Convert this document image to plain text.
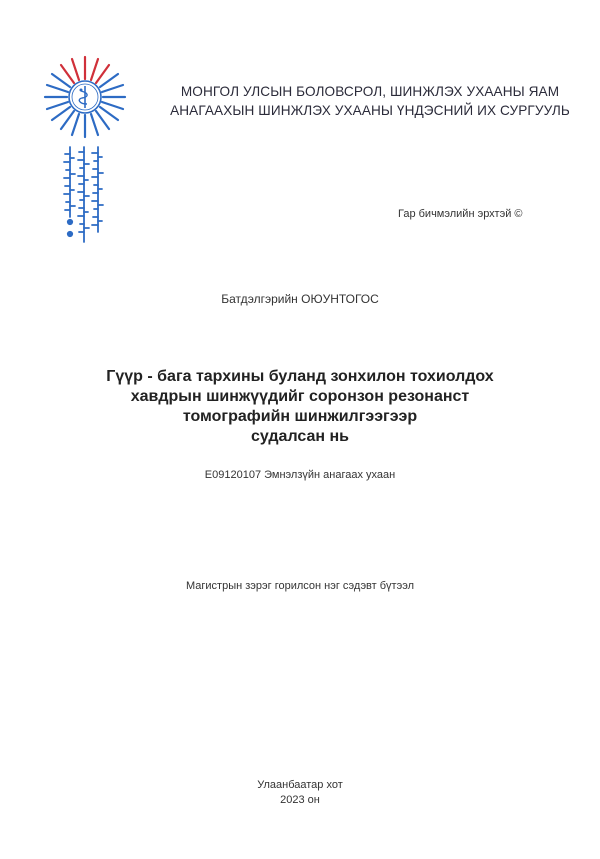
МОНГОЛ УЛСЫН БОЛОВСРОЛ, ШИНЖЛЭХ УХААНЫ ЯАМ
АНАГААХЫН ШИНЖЛЭХ УХААНЫ ҮНДЭСНИЙ ИХ СУРГУУЛЬ
Гар бичмэлийн эрхтэй ©
Батдэлгэрийн ОЮУНТОГОС
Гүүр - бага тархины буланд зонхилон тохиолдох
хавдрын шинжүүдийг соронзон резонанст
томографийн шинжилгээгээр
судалсан нь
E09120107 Эмнэлзүйн анагаах ухаан
Магистрын зэрэг горилсон нэг сэдэвт бүтээл
Улаанбаатар хот
2023 он
